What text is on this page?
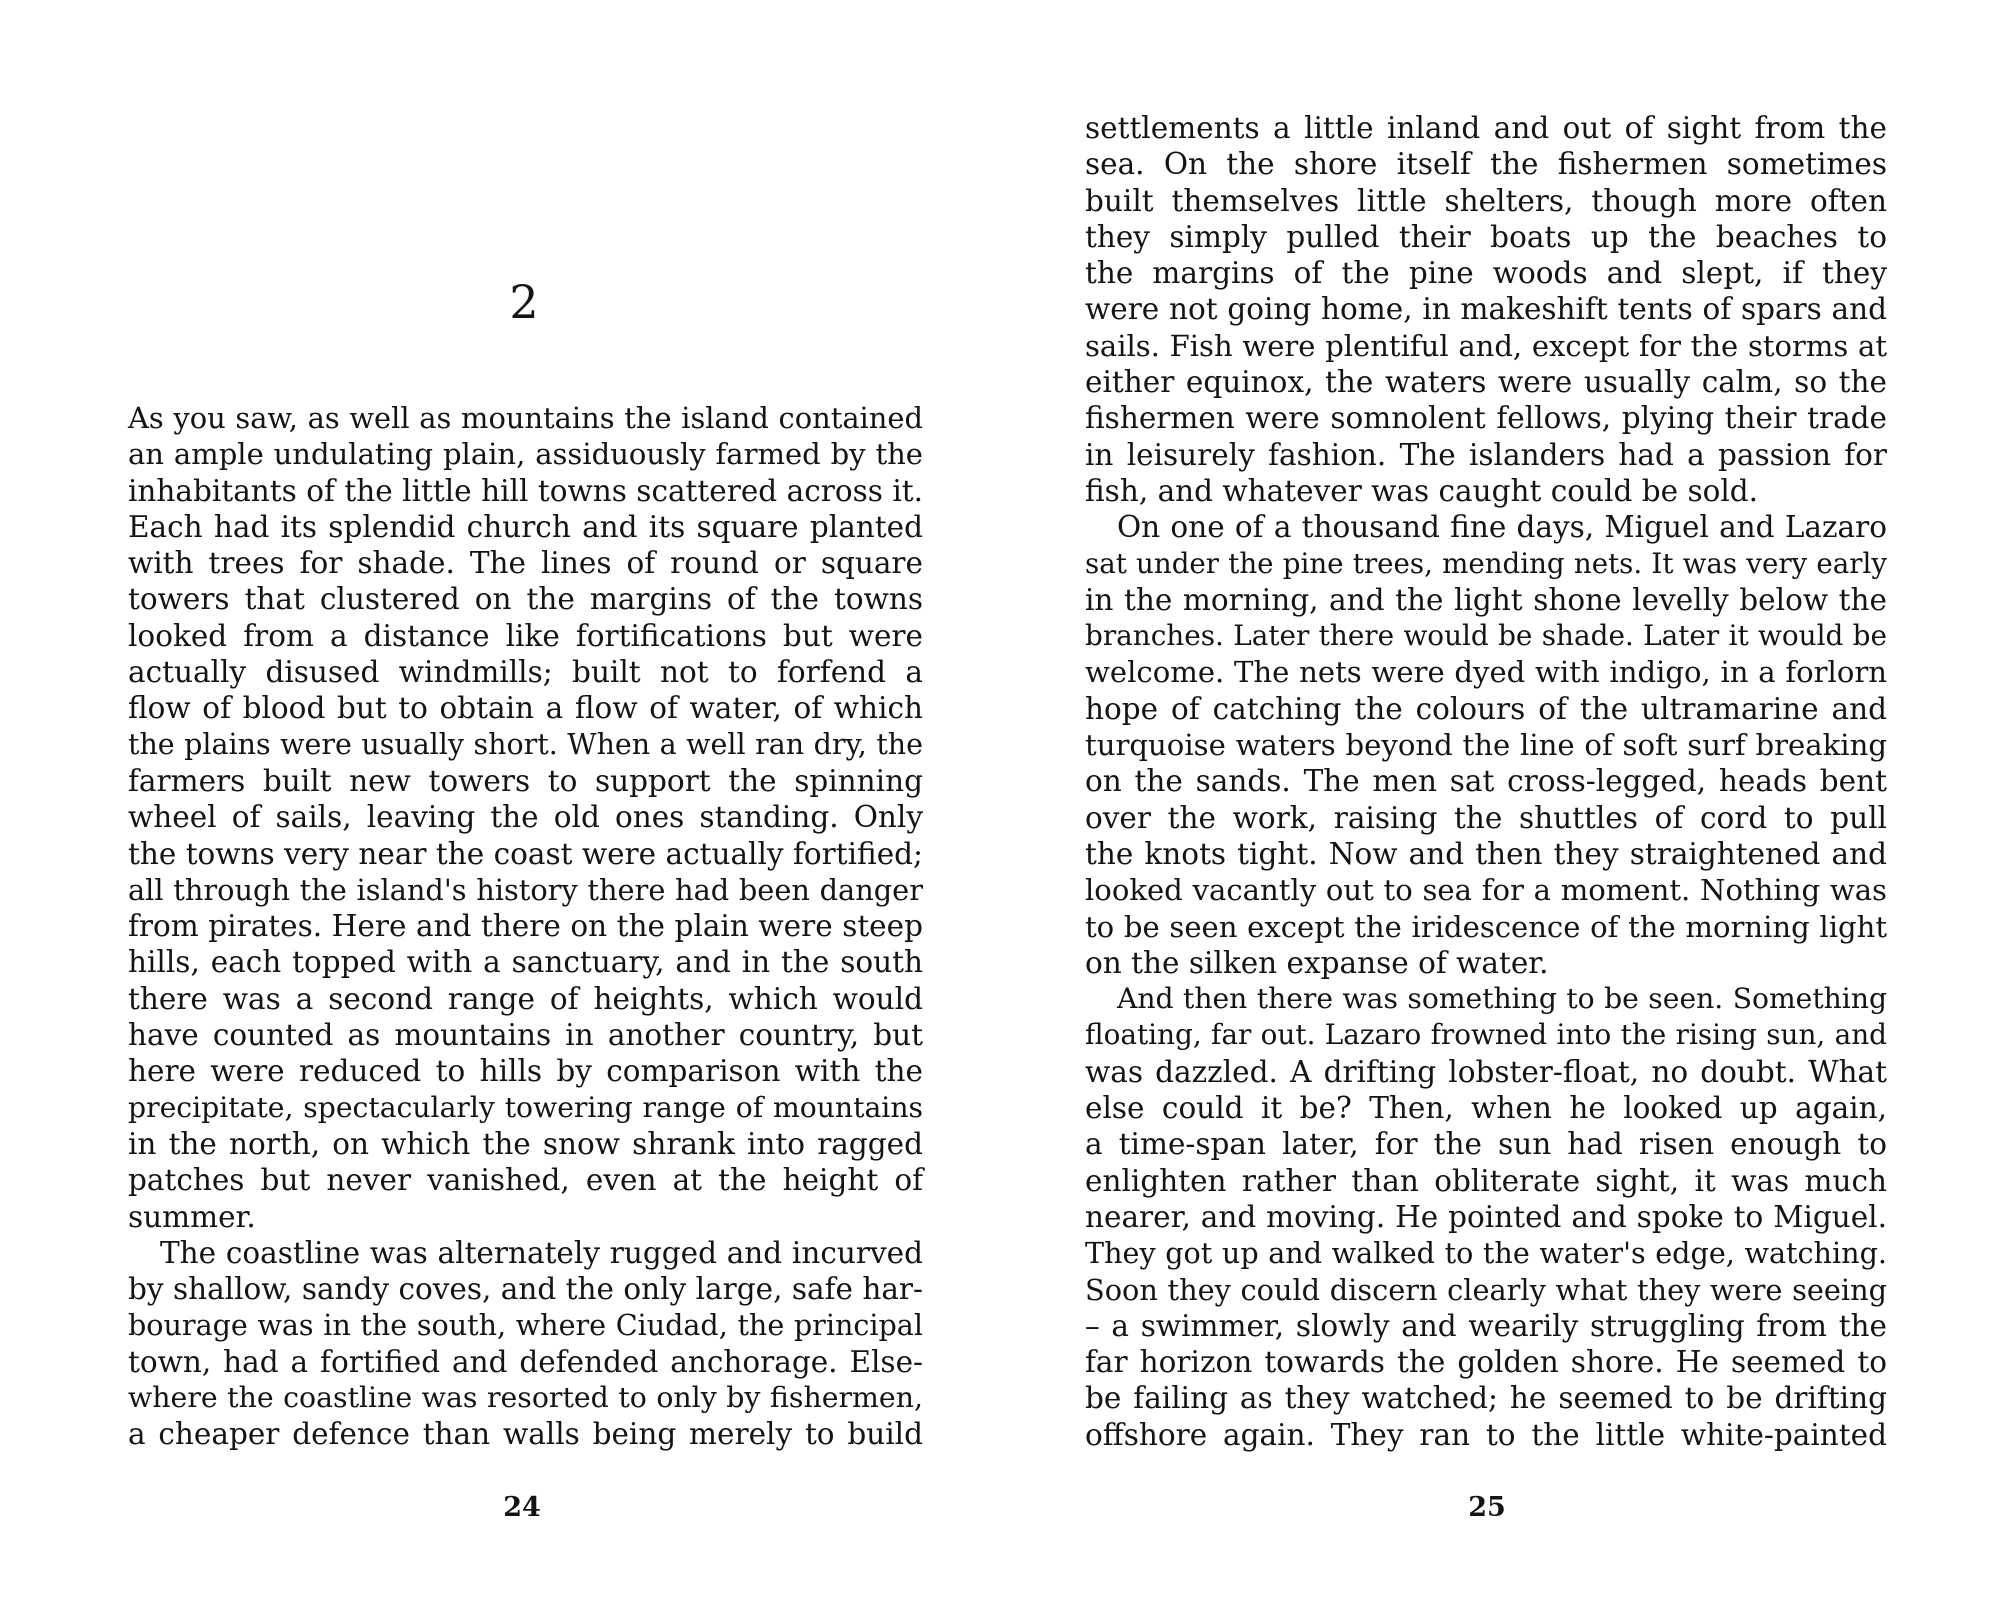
2
As you saw, as well as mountains the island contained
an ample undulating plain, assiduously farmed by the
inhabitants of the little hill towns scattered across it.
Each had its splendid church and its square planted
with trees for shade. The lines of round or square
towers that clustered on the margins of the towns
looked from a distance like fortifications but were
actually disused windmills; built not to forfend a
flow of blood but to obtain a flow of water, of which
the plains were usually short. When a well ran dry, the
farmers built new towers to support the spinning
wheel of sails, leaving the old ones standing. Only
the towns very near the coast were actually fortified;
all through the island's history there had been danger
from pirates. Here and there on the plain were steep
hills, each topped with a sanctuary, and in the south
there was a second range of heights, which would
have counted as mountains in another country, but
here were reduced to hills by comparison with the
precipitate, spectacularly towering range of mountains
in the north, on which the snow shrank into ragged
patches but never vanished, even at the height of
summer.
The coastline was alternately rugged and incurved
by shallow, sandy coves, and the only large, safe har-
bourage was in the south, where Ciudad, the principal
town, had a fortified and defended anchorage. Else-
where the coastline was resorted to only by fishermen,
a cheaper defence than walls being merely to build
24
settlements a little inland and out of sight from the
sea. On the shore itself the fishermen sometimes
built themselves little shelters, though more often
they simply pulled their boats up the beaches to
the margins of the pine woods and slept, if they
were not going home, in makeshift tents of spars and
sails. Fish were plentiful and, except for the storms at
either equinox, the waters were usually calm, so the
fishermen were somnolent fellows, plying their trade
in leisurely fashion. The islanders had a passion for
fish, and whatever was caught could be sold.
On one of a thousand fine days, Miguel and Lazaro
sat under the pine trees, mending nets. It was very early
in the morning, and the light shone levelly below the
branches. Later there would be shade. Later it would be
welcome. The nets were dyed with indigo, in a forlorn
hope of catching the colours of the ultramarine and
turquoise waters beyond the line of soft surf breaking
on the sands. The men sat cross-legged, heads bent
over the work, raising the shuttles of cord to pull
the knots tight. Now and then they straightened and
looked vacantly out to sea for a moment. Nothing was
to be seen except the iridescence of the morning light
on the silken expanse of water.
And then there was something to be seen. Something
floating, far out. Lazaro frowned into the rising sun, and
was dazzled. A drifting lobster-float, no doubt. What
else could it be? Then, when he looked up again,
a time-span later, for the sun had risen enough to
enlighten rather than obliterate sight, it was much
nearer, and moving. He pointed and spoke to Miguel.
They got up and walked to the water's edge, watching.
Soon they could discern clearly what they were seeing
– a swimmer, slowly and wearily struggling from the
far horizon towards the golden shore. He seemed to
be failing as they watched; he seemed to be drifting
offshore again. They ran to the little white-painted
25
